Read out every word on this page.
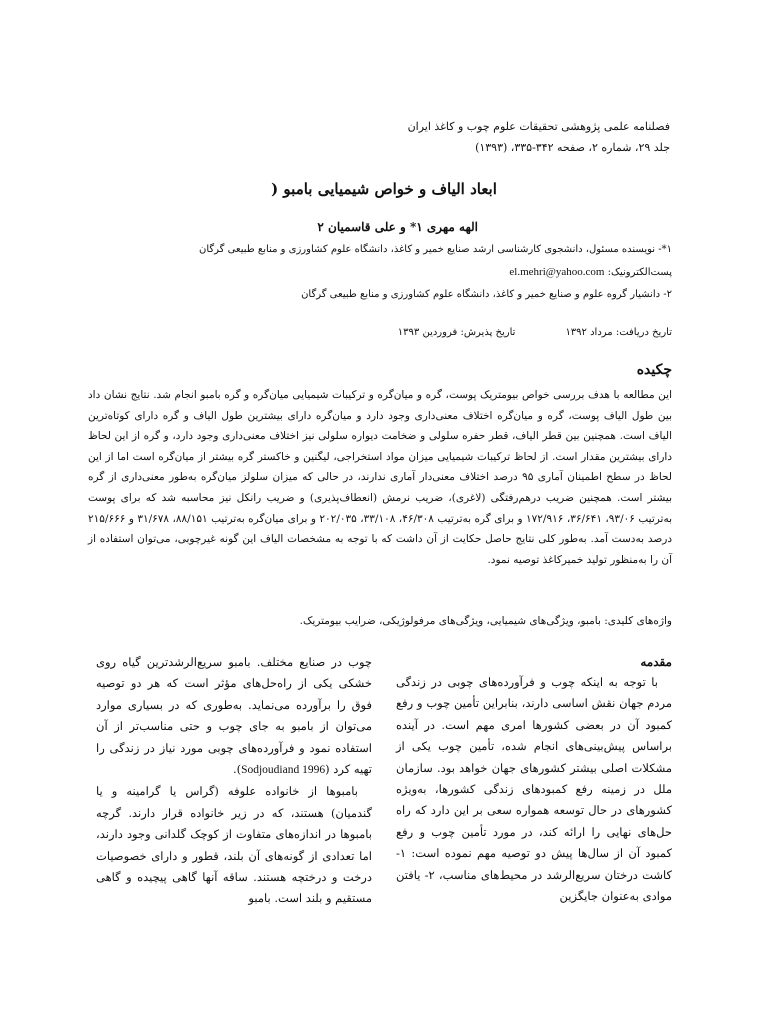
فصلنامه علمی پژوهشی تحقیقات علوم چوب و کاغذ ایران
جلد ۲۹، شماره ۲، صفحه ۳۴۲-۳۳۵، (۱۳۹۳)
ابعاد الیاف و خواص شیمیایی بامبو (
الهه مهری ١* و علی قاسمیان ٢
١*- نویسنده مسئول، دانشجوی کارشناسی ارشد صنایع خمیر و کاغذ، دانشگاه علوم کشاورزی و منابع طبیعی گرگان
پست‌الکترونیک: el.mehri@yahoo.com
٢- دانشیار گروه علوم و صنایع خمیر و کاغذ، دانشگاه علوم کشاورزی و منابع طبیعی گرگان
تاریخ دریافت: مرداد ۱۳۹۲
تاریخ پذیرش: فروردین ۱۳۹۳
چکیده

این مطالعه با هدف بررسی خواص بیومتریک پوست، گره و میان‌گره و ترکیبات شیمیایی میان‌گره و گره بامبو انجام شد. نتایج نشان داد بین طول الیاف پوست، گره و میان‌گره اختلاف معنی‌داری وجود دارد و میان‌گره دارای بیشترین طول الیاف و گره دارای کوتاه‌ترین الیاف است. همچنین بین قطر الیاف، قطر حفره سلولی و ضخامت دیواره سلولی نیز اختلاف معنی‌داری وجود دارد، و گره از این لحاظ دارای بیشترین مقدار است. از لحاظ ترکیبات شیمیایی میزان مواد استخراجی، لیگنین و خاکستر گره بیشتر از میان‌گره است اما از این لحاظ در سطح اطمینان آماری ۹۵ درصد اختلاف معنی‌دار آماری ندارند، در حالی که میزان سلولز میان‌گره به‌طور معنی‌داری از گره بیشتر است. همچنین ضریب درهم‌رفتگی (لاغری)، ضریب نرمش (انعطاف‌پذیری) و ضریب رانکل نیز محاسبه شد که برای پوست به‌ترتیب ۹۳/۰۶، ۳۶/۶۴۱، ۱۷۲/۹۱۶ و برای گره به‌ترتیب ۴۶/۳۰۸، ۳۳/۱۰۸، ۲۰۲/۰۳۵ و برای میان‌گره به‌ترتیب ۸۸/۱۵۱، ۳۱/۶۷۸ و ۲۱۵/۶۶۶ درصد به‌دست آمد. به‌طور کلی نتایج حاصل حکایت از آن داشت که با توجه به مشخصات الیاف این گونه غیرچوبی، می‌توان استفاده از آن را به‌منظور تولید خمیرکاغذ توصیه نمود.

واژه‌های کلیدی: بامبو، ویژگی‌های شیمیایی، ویژگی‌های مرفولوژیکی، ضرایب بیومتریک.
مقدمه

با توجه به اینکه چوب و فرآورده‌های چوبی در زندگی مردم جهان نقش اساسی دارند، بنابراین تأمین چوب و رفع کمبود آن در بعضی کشورها امری مهم است. در آینده براساس پیش‌بینی‌های انجام شده، تأمین چوب یکی از مشکلات اصلی بیشتر کشورهای جهان خواهد بود. سازمان ملل در زمینه رفع کمبودهای زندگی کشورها، به‌ویژه کشورهای در حال توسعه همواره سعی بر این دارد که راه حل‌های نهایی را ارائه کند، در مورد تأمین چوب و رفع کمبود آن از سال‌ها پیش دو توصیه مهم نموده است: ١- کاشت درختان سریع‌الرشد در محیط‌های مناسب، ٢- یافتن موادی به‌عنوان جایگزین

چوب در صنایع مختلف. بامبو سریع‌الرشدترین گیاه روی خشکی یکی از راه‌حل‌های مؤثر است که هر دو توصیه فوق را برآورده می‌نماید. به‌طوری که در بسیاری موارد می‌توان از بامبو به جای چوب و حتی مناسب‌تر از آن استفاده نمود و فرآورده‌های چوبی مورد نیاز در زندگی را تهیه کرد (Sodjoudiand 1996).

بامبوها از خانواده علوفه (گراس یا گرامینه و یا گندمیان) هستند، که در زیر خانواده قرار دارند. گرچه بامبوها در اندازه‌های متفاوت از کوچک گلدانی وجود دارند، اما تعدادی از گونه‌های آن بلند، قطور و دارای خصوصیات درخت و درختچه هستند. ساقه آنها گاهی پیچیده و گاهی مستقیم و بلند است. بامبو
